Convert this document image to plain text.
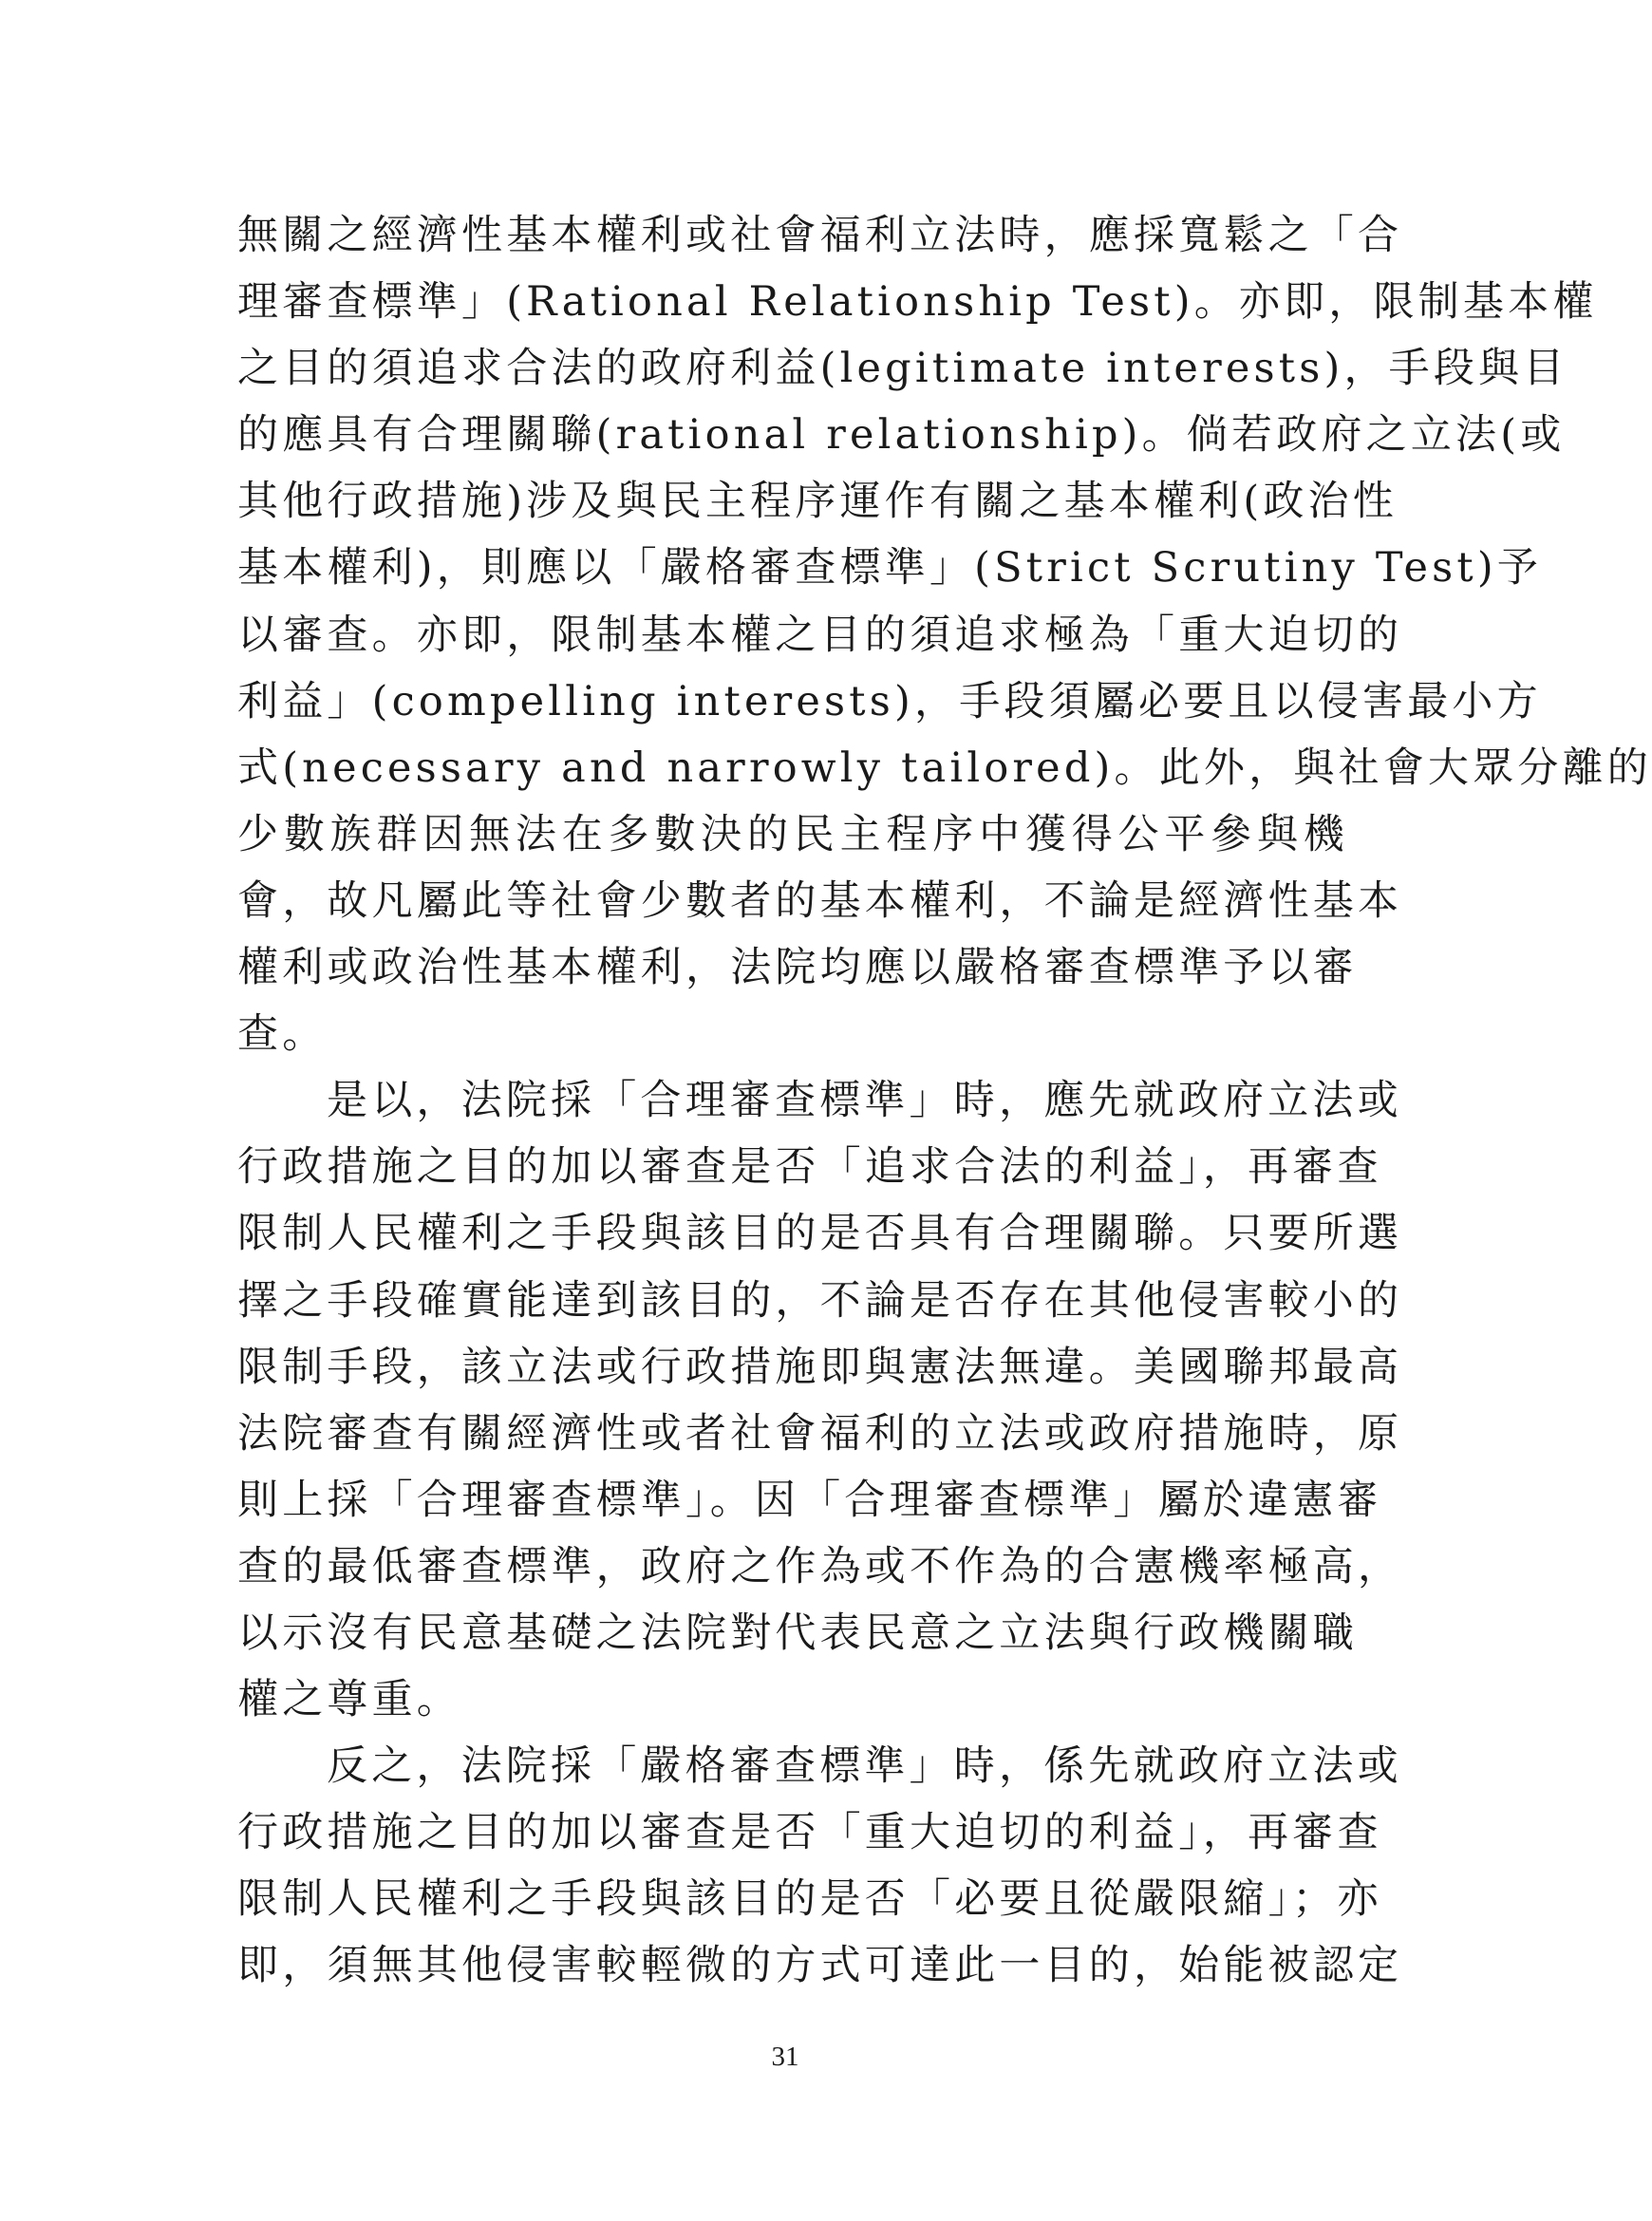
無關之經濟性基本權利或社會福利立法時，應採寬鬆之「合
理審查標準」(Rational Relationship Test)。亦即，限制基本權
之目的須追求合法的政府利益(legitimate interests)，手段與目
的應具有合理關聯(rational relationship)。倘若政府之立法(或
其他行政措施)涉及與民主程序運作有關之基本權利(政治性
基本權利)，則應以「嚴格審查標準」(Strict Scrutiny Test)予
以審查。亦即，限制基本權之目的須追求極為「重大迫切的
利益」(compelling interests)，手段須屬必要且以侵害最小方
式(necessary and narrowly tailored)。此外，與社會大眾分離的
少數族群因無法在多數決的民主程序中獲得公平參與機
會，故凡屬此等社會少數者的基本權利，不論是經濟性基本
權利或政治性基本權利，法院均應以嚴格審查標準予以審
查。
是以，法院採「合理審查標準」時，應先就政府立法或
行政措施之目的加以審查是否「追求合法的利益」，再審查
限制人民權利之手段與該目的是否具有合理關聯。只要所選
擇之手段確實能達到該目的，不論是否存在其他侵害較小的
限制手段，該立法或行政措施即與憲法無違。美國聯邦最高
法院審查有關經濟性或者社會福利的立法或政府措施時，原
則上採「合理審查標準」。因「合理審查標準」屬於違憲審
查的最低審查標準，政府之作為或不作為的合憲機率極高，
以示沒有民意基礎之法院對代表民意之立法與行政機關職
權之尊重。
反之，法院採「嚴格審查標準」時，係先就政府立法或
行政措施之目的加以審查是否「重大迫切的利益」，再審查
限制人民權利之手段與該目的是否「必要且從嚴限縮」；亦
即，須無其他侵害較輕微的方式可達此一目的，始能被認定
31
